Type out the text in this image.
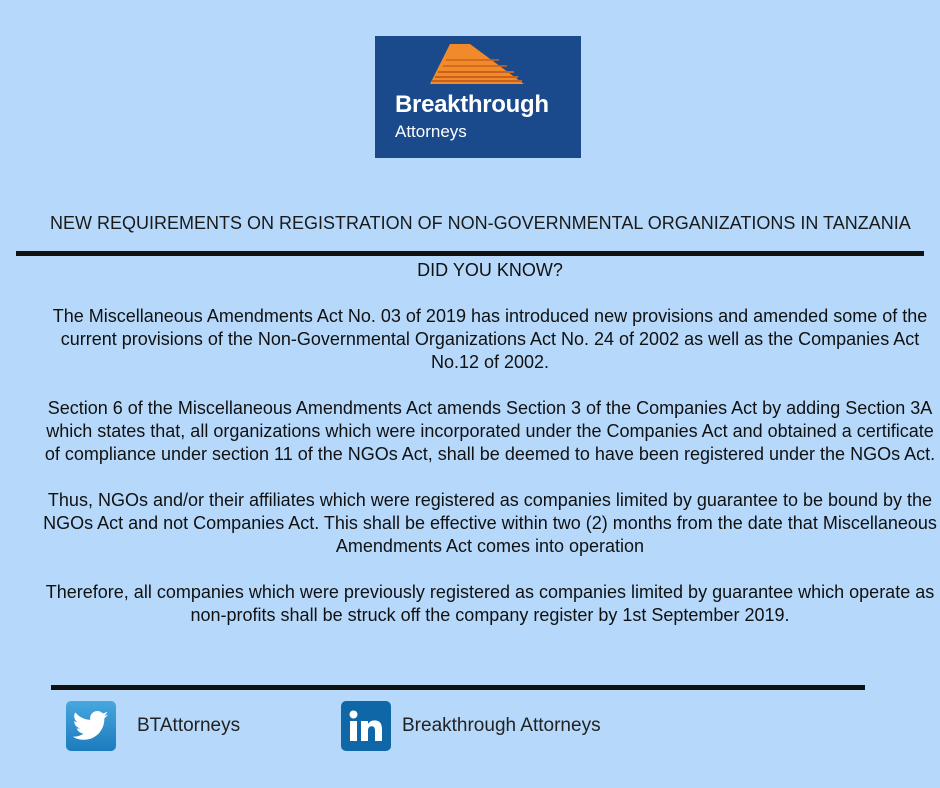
Breakthrough
Attorneys
NEW REQUIREMENTS ON REGISTRATION OF NON-GOVERNMENTAL ORGANIZATIONS IN TANZANIA

DID YOU KNOW?

The Miscellaneous Amendments Act No. 03 of 2019 has introduced new provisions and amended some of the current provisions of the Non-Governmental Organizations Act No. 24 of 2002 as well as the Companies Act No.12 of 2002.

Section 6 of the Miscellaneous Amendments Act amends Section 3 of the Companies Act by adding Section 3A which states that, all organizations which were incorporated under the Companies Act and obtained a certificate of compliance under section 11 of the NGOs Act, shall be deemed to have been registered under the NGOs Act.

Thus, NGOs and/or their affiliates which were registered as companies limited by guarantee to be bound by the NGOs Act and not Companies Act. This shall be effective within two (2) months from the date that Miscellaneous Amendments Act comes into operation

Therefore, all companies which were previously registered as companies limited by guarantee which operate as non-profits shall be struck off the company register by 1st September 2019.

BTAttorneys	Breakthrough Attorneys
